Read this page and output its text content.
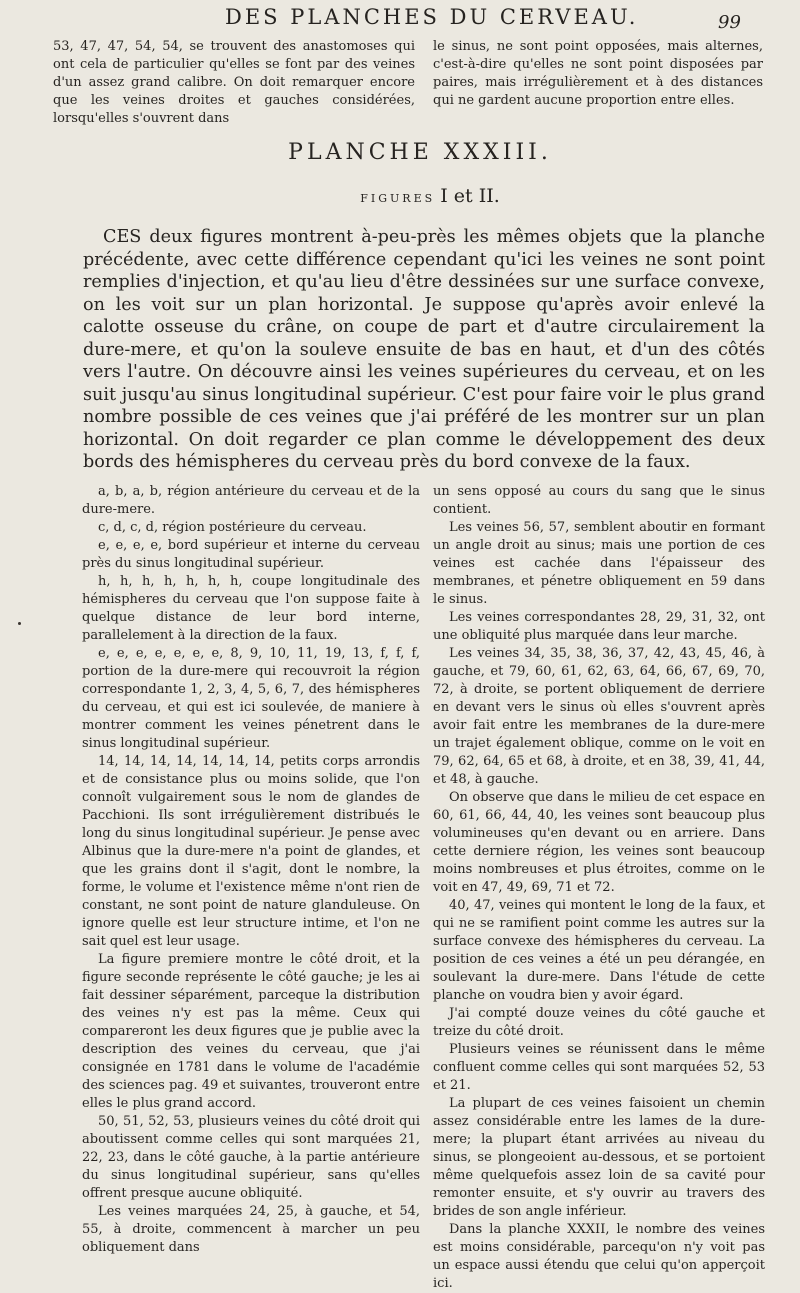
DES PLANCHES DU CERVEAU.	99

53, 47, 47, 54, 54, se trouvent des anastomoses qui ont cela de particulier qu'elles se font par des veines d'un assez grand calibre. On doit remarquer encore que les veines droites et gauches considérées, lorsqu'elles s'ouvrent dans

le sinus, ne sont point opposées, mais alternes, c'est-à-dire qu'elles ne sont point disposées par paires, mais irrégulièrement et à des distances qui ne gardent aucune proportion entre elles.

PLANCHE XXXIII.
FIGURES I et II.

CES deux figures montrent à-peu-près les mêmes objets que la planche précédente, avec cette différence cependant qu'ici les veines ne sont point remplies d'injection, et qu'au lieu d'être dessinées sur une surface convexe, on les voit sur un plan horizontal. Je suppose qu'après avoir enlevé la calotte osseuse du crâne, on coupe de part et d'autre circulairement la dure-mere, et qu'on la souleve ensuite de bas en haut, et d'un des côtés vers l'autre. On découvre ainsi les veines supérieures du cerveau, et on les suit jusqu'au sinus longitudinal supérieur. C'est pour faire voir le plus grand nombre possible de ces veines que j'ai préféré de les montrer sur un plan horizontal. On doit regarder ce plan comme le développement des deux bords des hémispheres du cerveau près du bord convexe de la faux.

a, b, a, b, région antérieure du cerveau et de la dure-mere.

c, d, c, d, région postérieure du cerveau.

e, e, e, e, bord supérieur et interne du cerveau près du sinus longitudinal supérieur.

h, h, h, h, h, h, h, coupe longitudinale des hémispheres du cerveau que l'on suppose faite à quelque distance de leur bord interne, parallelement à la direction de la faux.

e, e, e, e, e, e, e, 8, 9, 10, 11, 19, 13, f, f, f, portion de la dure-mere qui recouvroit la région correspondante 1, 2, 3, 4, 5, 6, 7, des hémispheres du cerveau, et qui est ici soulevée, de maniere à montrer comment les veines pénetrent dans le sinus longitudinal supérieur.

14, 14, 14, 14, 14, 14, 14, petits corps arrondis et de consistance plus ou moins solide, que l'on connoît vulgairement sous le nom de glandes de Pacchioni. Ils sont irrégulièrement distribués le long du sinus longitudinal supérieur. Je pense avec Albinus que la dure-mere n'a point de glandes, et que les grains dont il s'agit, dont le nombre, la forme, le volume et l'existence même n'ont rien de constant, ne sont point de nature glanduleuse. On ignore quelle est leur structure intime, et l'on ne sait quel est leur usage.

La figure premiere montre le côté droit, et la figure seconde représente le côté gauche; je les ai fait dessiner séparément, parceque la distribution des veines n'y est pas la même. Ceux qui compareront les deux figures que je publie avec la description des veines du cerveau, que j'ai consignée en 1781 dans le volume de l'académie des sciences pag. 49 et suivantes, trouveront entre elles le plus grand accord.

50, 51, 52, 53, plusieurs veines du côté droit qui aboutissent comme celles qui sont marquées 21, 22, 23, dans le côté gauche, à la partie antérieure du sinus longitudinal supérieur, sans qu'elles offrent presque aucune obliquité.

Les veines marquées 24, 25, à gauche, et 54, 55, à droite, commencent à marcher un peu obliquement dans

un sens opposé au cours du sang que le sinus contient.

Les veines 56, 57, semblent aboutir en formant un angle droit au sinus; mais une portion de ces veines est cachée dans l'épaisseur des membranes, et pénetre obliquement en 59 dans le sinus.

Les veines correspondantes 28, 29, 31, 32, ont une obliquité plus marquée dans leur marche.

Les veines 34, 35, 38, 36, 37, 42, 43, 45, 46, à gauche, et 79, 60, 61, 62, 63, 64, 66, 67, 69, 70, 72, à droite, se portent obliquement de derriere en devant vers le sinus où elles s'ouvrent après avoir fait entre les membranes de la dure-mere un trajet également oblique, comme on le voit en 79, 62, 64, 65 et 68, à droite, et en 38, 39, 41, 44, et 48, à gauche.

On observe que dans le milieu de cet espace en 60, 61, 66, 44, 40, les veines sont beaucoup plus volumineuses qu'en devant ou en arriere. Dans cette derniere région, les veines sont beaucoup moins nombreuses et plus étroites, comme on le voit en 47, 49, 69, 71 et 72.

40, 47, veines qui montent le long de la faux, et qui ne se ramifient point comme les autres sur la surface convexe des hémispheres du cerveau. La position de ces veines a été un peu dérangée, en soulevant la dure-mere. Dans l'étude de cette planche on voudra bien y avoir égard.

J'ai compté douze veines du côté gauche et treize du côté droit.

Plusieurs veines se réunissent dans le même confluent comme celles qui sont marquées 52, 53 et 21.

La plupart de ces veines faisoient un chemin assez considérable entre les lames de la dure-mere; la plupart étant arrivées au niveau du sinus, se plongeoient au-dessous, et se portoient même quelquefois assez loin de sa cavité pour remonter ensuite, et s'y ouvrir au travers des brides de son angle inférieur.

Dans la planche XXXII, le nombre des veines est moins considérable, parcequ'on n'y voit pas un espace aussi étendu que celui qu'on apperçoit ici.
